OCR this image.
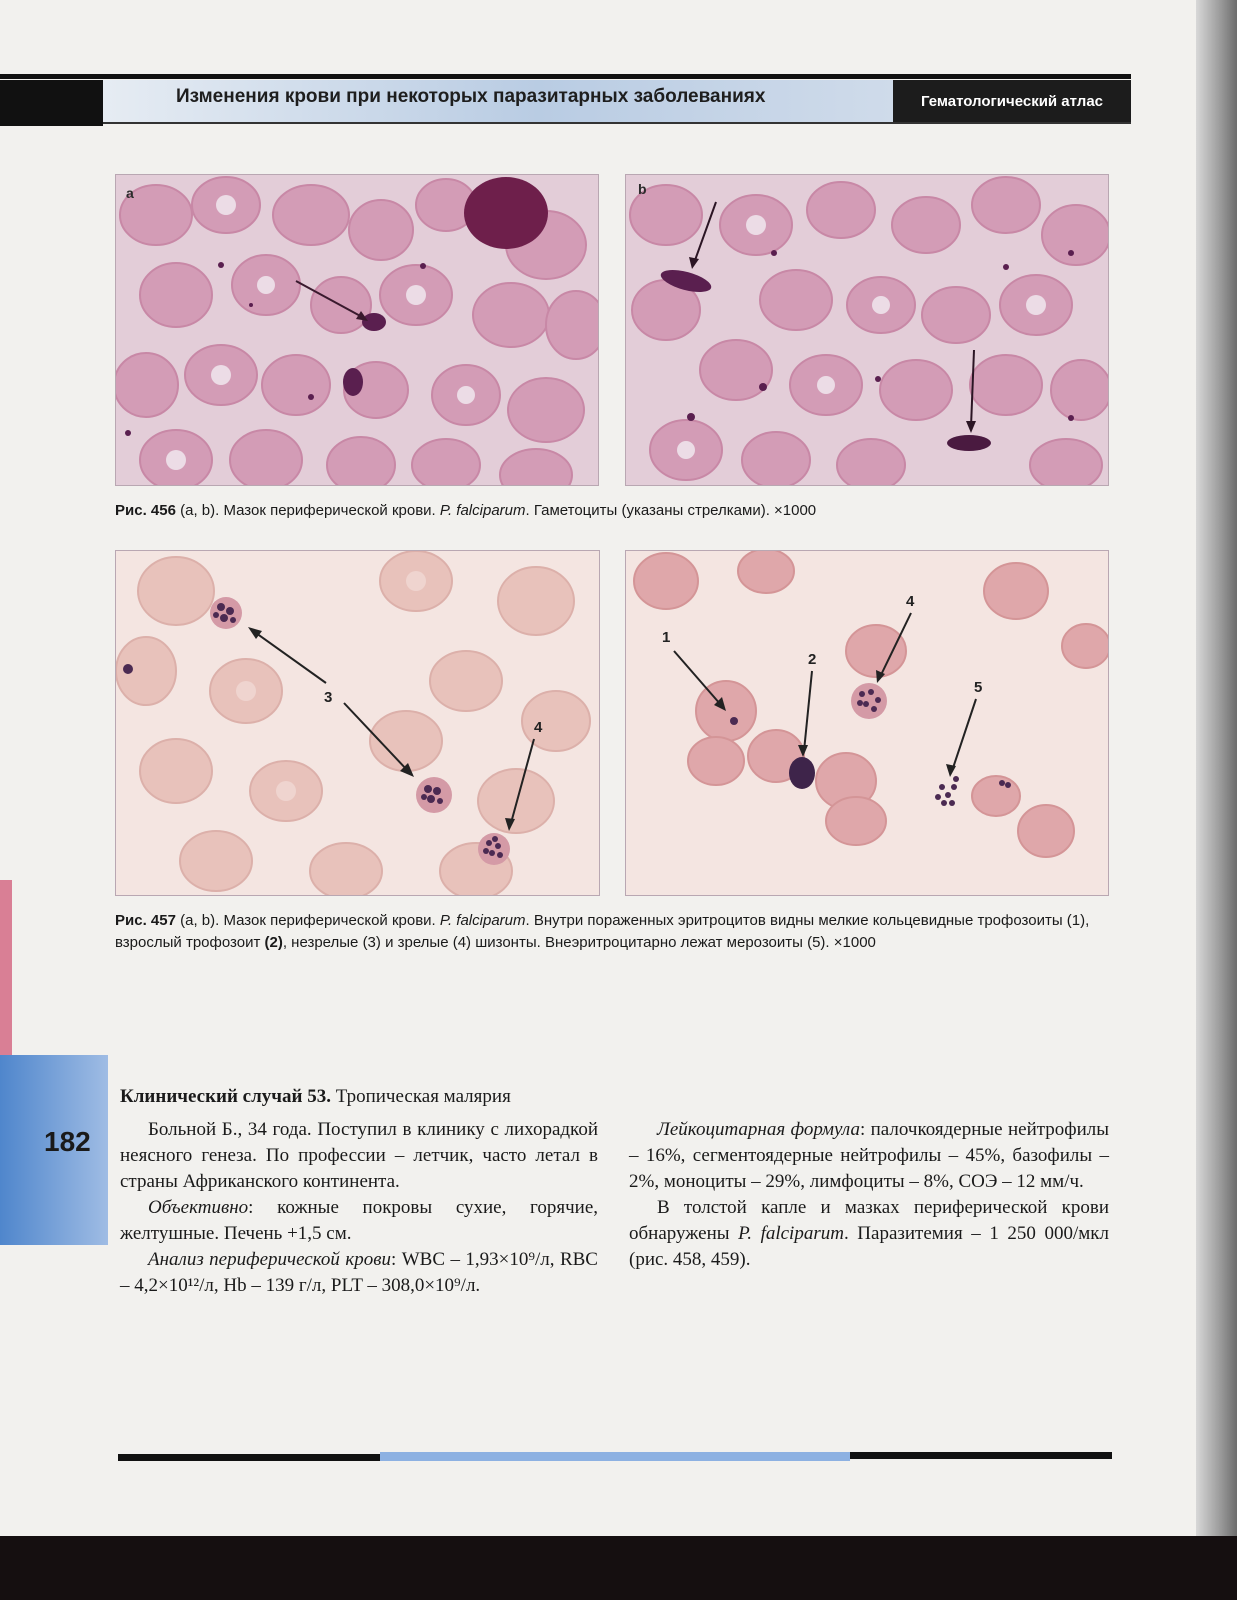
Изменения крови при некоторых паразитарных заболеваниях	Гематологический атлас
a	b
Рис. 456 (a, b). Мазок периферической крови. P. falciparum. Гаметоциты (указаны стрелками). ×1000
3
4
1
2
4
5
Рис. 457 (a, b). Мазок периферической крови. P. falciparum. Внутри пораженных эритроцитов видны мелкие кольцевидные трофозоиты (1), взрослый трофозоит (2), незрелые (3) и зрелые (4) шизонты. Внеэритроцитарно лежат мерозоиты (5). ×1000
182
Клинический случай 53. Тропическая малярия

Больной Б., 34 года. Поступил в клинику с лихорадкой неясного генеза. По профессии – летчик, часто летал в страны Африканского континента.

Объективно: кожные покровы сухие, горячие, желтушные. Печень +1,5 см.

Анализ периферической крови: WBC – 1,93×10⁹/л, RBC – 4,2×10¹²/л, Hb – 139 г/л, PLT – 308,0×10⁹/л.

Лейкоцитарная формула: палочкоядерные нейтрофилы – 16%, сегментоядерные нейтрофилы – 45%, базофилы – 2%, моноциты – 29%, лимфоциты – 8%, СОЭ – 12 мм/ч.

В толстой капле и мазках периферической крови обнаружены P. falciparum. Паразитемия – 1 250 000/мкл (рис. 458, 459).
